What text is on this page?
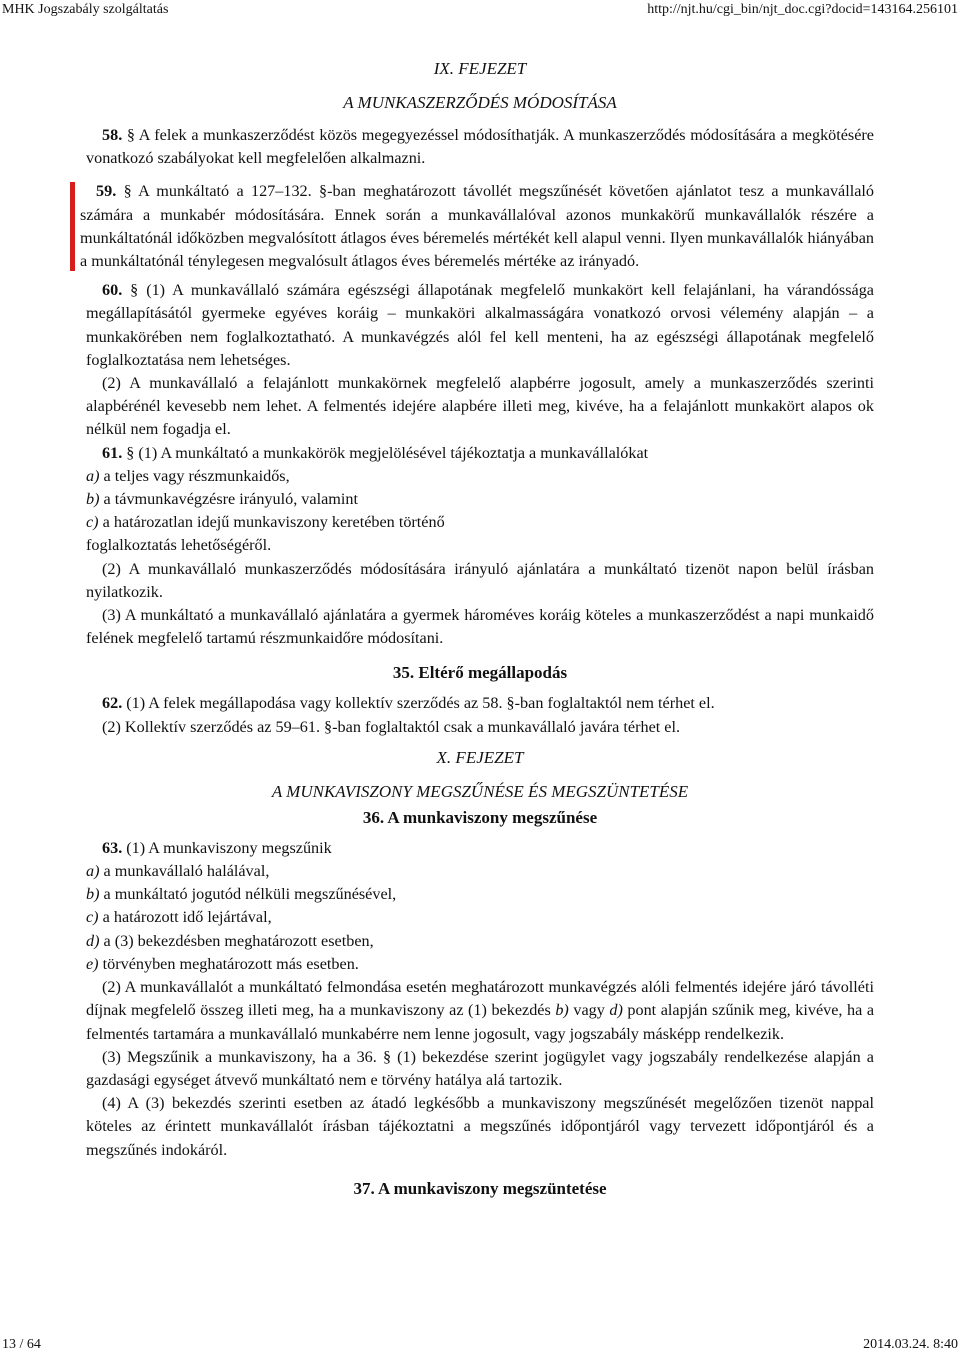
MHK Jogszabály szolgáltatás	http://njt.hu/cgi_bin/njt_doc.cgi?docid=143164.256101
IX. FEJEZET
A MUNKASZERZŐDÉS MÓDOSÍTÁSA

58. § A felek a munkaszerződést közös megegyezéssel módosíthatják. A munkaszerződés módosítására a megkötésére vonatkozó szabályokat kell megfelelően alkalmazni.

59. § A munkáltató a 127–132. §-ban meghatározott távollét megszűnését követően ajánlatot tesz a munkavállaló számára a munkabér módosítására. Ennek során a munkavállalóval azonos munkakörű munkavállalók részére a munkáltatónál időközben megvalósított átlagos éves béremelés mértékét kell alapul venni. Ilyen munkavállalók hiányában a munkáltatónál ténylegesen megvalósult átlagos éves béremelés mértéke az irányadó.

60. § (1) A munkavállaló számára egészségi állapotának megfelelő munkakört kell felajánlani, ha várandóssága megállapításától gyermeke egyéves koráig – munkaköri alkalmasságára vonatkozó orvosi vélemény alapján – a munkakörében nem foglalkoztatható. A munkavégzés alól fel kell menteni, ha az egészségi állapotának megfelelő foglalkoztatása nem lehetséges.

(2) A munkavállaló a felajánlott munkakörnek megfelelő alapbérre jogosult, amely a munkaszerződés szerinti alapbérénél kevesebb nem lehet. A felmentés idejére alapbére illeti meg, kivéve, ha a felajánlott munkakört alapos ok nélkül nem fogadja el.

61. § (1) A munkáltató a munkakörök megjelölésével tájékoztatja a munkavállalókat

a) a teljes vagy részmunkaidős,

b) a távmunkavégzésre irányuló, valamint

c) a határozatlan idejű munkaviszony keretében történő

foglalkoztatás lehetőségéről.

(2) A munkavállaló munkaszerződés módosítására irányuló ajánlatára a munkáltató tizenöt napon belül írásban nyilatkozik.

(3) A munkáltató a munkavállaló ajánlatára a gyermek hároméves koráig köteles a munkaszerződést a napi munkaidő felének megfelelő tartamú részmunkaidőre módosítani.

35. Eltérő megállapodás

62. (1) A felek megállapodása vagy kollektív szerződés az 58. §-ban foglaltaktól nem térhet el.

(2) Kollektív szerződés az 59–61. §-ban foglaltaktól csak a munkavállaló javára térhet el.

X. FEJEZET
A MUNKAVISZONY MEGSZŰNÉSE ÉS MEGSZÜNTETÉSE
36. A munkaviszony megszűnése

63. (1) A munkaviszony megszűnik

a) a munkavállaló halálával,

b) a munkáltató jogutód nélküli megszűnésével,

c) a határozott idő lejártával,

d) a (3) bekezdésben meghatározott esetben,

e) törvényben meghatározott más esetben.

(2) A munkavállalót a munkáltató felmondása esetén meghatározott munkavégzés alóli felmentés idejére járó távolléti díjnak megfelelő összeg illeti meg, ha a munkaviszony az (1) bekezdés b) vagy d) pont alapján szűnik meg, kivéve, ha a felmentés tartamára a munkavállaló munkabérre nem lenne jogosult, vagy jogszabály másképp rendelkezik.

(3) Megszűnik a munkaviszony, ha a 36. § (1) bekezdése szerint jogügylet vagy jogszabály rendelkezése alapján a gazdasági egységet átvevő munkáltató nem e törvény hatálya alá tartozik.

(4) A (3) bekezdés szerinti esetben az átadó legkésőbb a munkaviszony megszűnését megelőzően tizenöt nappal köteles az érintett munkavállalót írásban tájékoztatni a megszűnés időpontjáról vagy tervezett időpontjáról és a megszűnés indokáról.

37. A munkaviszony megszüntetése
13 / 64	2014.03.24. 8:40
